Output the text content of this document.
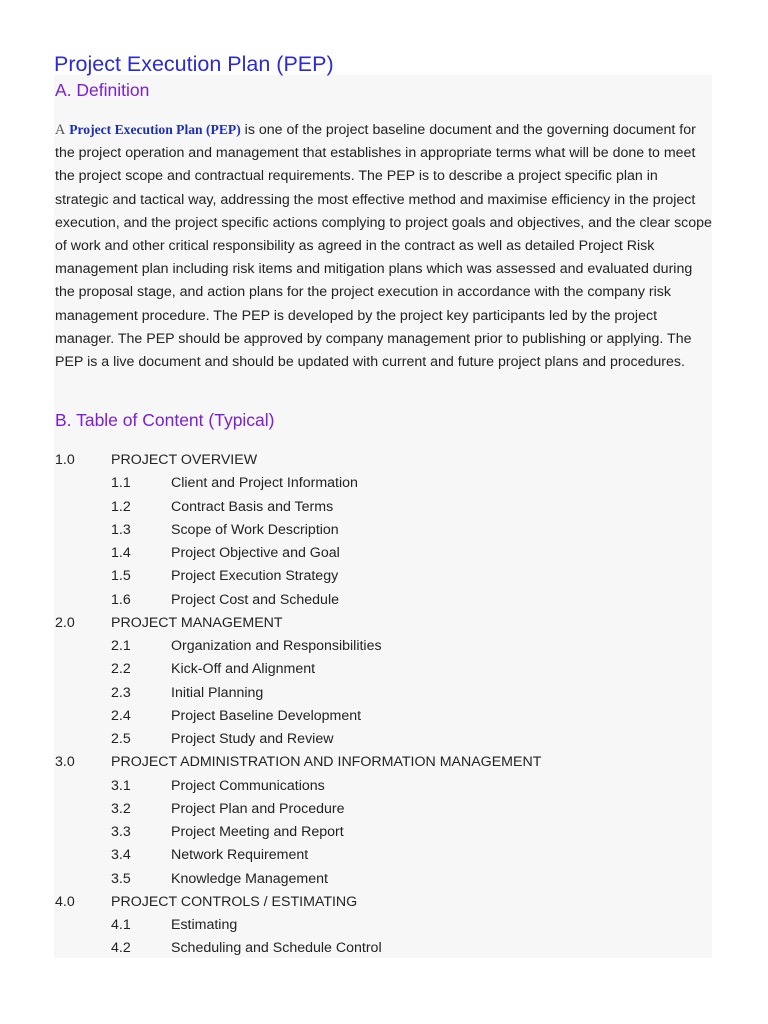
Project Execution Plan (PEP)
A. Definition

A Project Execution Plan (PEP) is one of the project baseline document and the governing document for the project operation and management that establishes in appropriate terms what will be done to meet the project scope and contractual requirements. The PEP is to describe a project specific plan in strategic and tactical way, addressing the most effective method and maximise efficiency in the project execution, and the project specific actions complying to project goals and objectives, and the clear scope of work and other critical responsibility as agreed in the contract as well as detailed Project Risk management plan including risk items and mitigation plans which was assessed and evaluated during the proposal stage, and action plans for the project execution in accordance with the company risk management procedure. The PEP is developed by the project key participants led by the project manager. The PEP should be approved by company management prior to publishing or applying. The PEP is a live document and should be updated with current and future project plans and procedures.

B. Table of Content (Typical)
1.0	PROJECT OVERVIEW
1.1	Client and Project Information
1.2	Contract Basis and Terms
1.3	Scope of Work Description
1.4	Project Objective and Goal
1.5	Project Execution Strategy
1.6	Project Cost and Schedule
2.0	PROJECT MANAGEMENT
2.1	Organization and Responsibilities
2.2	Kick-Off and Alignment
2.3	Initial Planning
2.4	Project Baseline Development
2.5	Project Study and Review
3.0	PROJECT ADMINISTRATION AND INFORMATION MANAGEMENT
3.1	Project Communications
3.2	Project Plan and Procedure
3.3	Project Meeting and Report
3.4	Network Requirement
3.5	Knowledge Management
4.0	PROJECT CONTROLS / ESTIMATING
4.1	Estimating
4.2	Scheduling and Schedule Control
